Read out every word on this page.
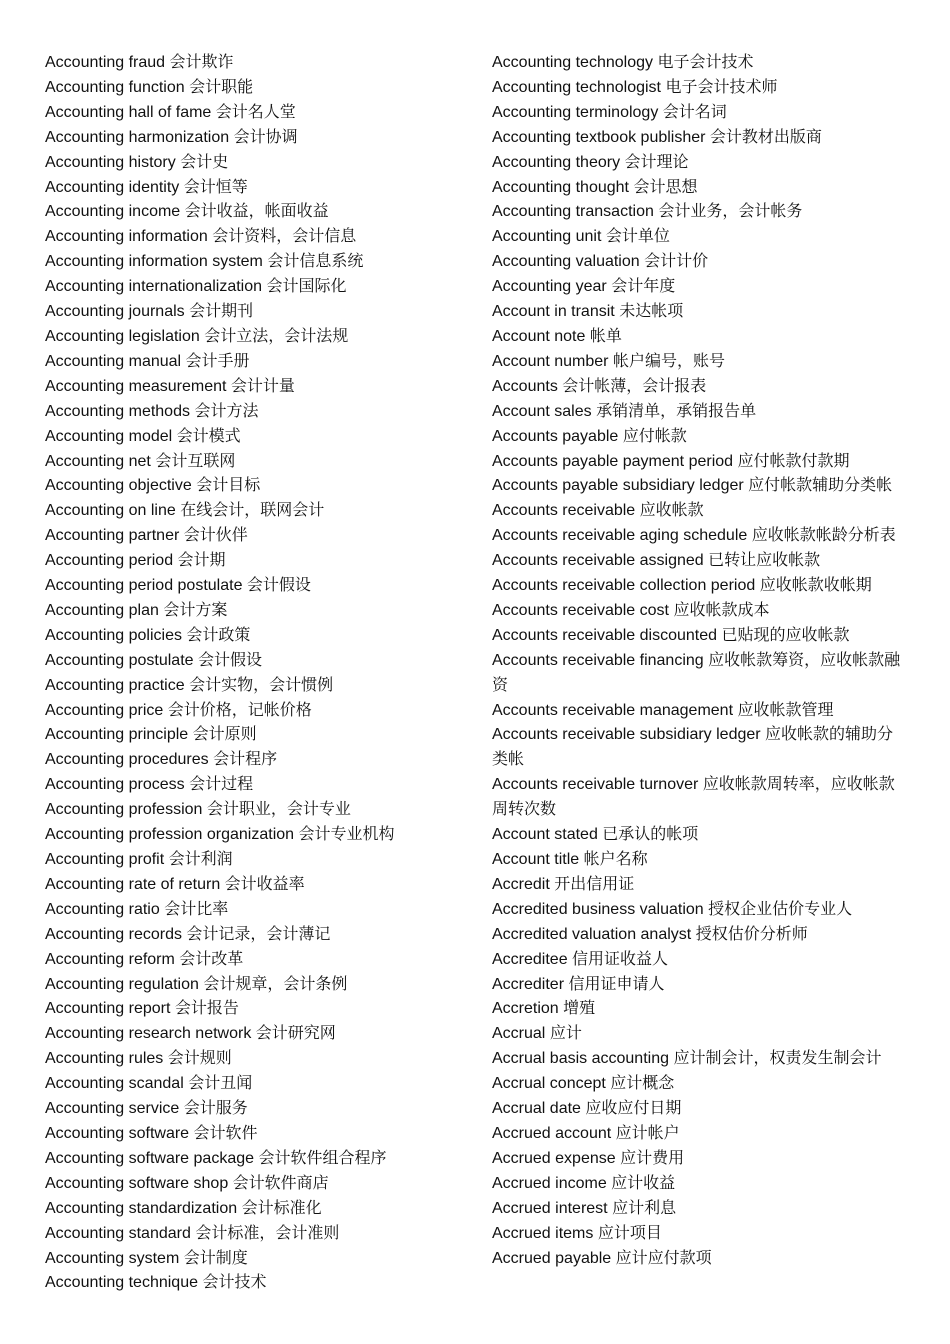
Accounting fraud 会计欺诈
Accounting function 会计职能
Accounting hall of fame 会计名人堂
Accounting harmonization 会计协调
Accounting history 会计史
Accounting identity 会计恒等
Accounting income 会计收益，帐面收益
Accounting information 会计资料，会计信息
Accounting information system 会计信息系统
Accounting internationalization 会计国际化
Accounting journals 会计期刊
Accounting legislation 会计立法，会计法规
Accounting manual 会计手册
Accounting measurement 会计计量
Accounting methods 会计方法
Accounting model 会计模式
Accounting net 会计互联网
Accounting objective 会计目标
Accounting on line 在线会计，联网会计
Accounting partner 会计伙伴
Accounting period 会计期
Accounting period postulate 会计假设
Accounting plan 会计方案
Accounting policies 会计政策
Accounting postulate 会计假设
Accounting practice 会计实物，会计惯例
Accounting price 会计价格，记帐价格
Accounting principle 会计原则
Accounting procedures 会计程序
Accounting process 会计过程
Accounting profession 会计职业，会计专业
Accounting profession organization 会计专业机构
Accounting profit 会计利润
Accounting rate of return 会计收益率
Accounting ratio 会计比率
Accounting records 会计记录，会计薄记
Accounting reform 会计改革
Accounting regulation 会计规章，会计条例
Accounting report 会计报告
Accounting research network 会计研究网
Accounting rules 会计规则
Accounting scandal 会计丑闻
Accounting service 会计服务
Accounting software 会计软件
Accounting software package 会计软件组合程序
Accounting software shop 会计软件商店
Accounting standardization 会计标准化
Accounting standard 会计标准，会计准则
Accounting system 会计制度
Accounting technique 会计技术
Accounting technology 电子会计技术
Accounting technologist 电子会计技术师
Accounting terminology 会计名词
Accounting textbook publisher 会计教材出版商
Accounting theory 会计理论
Accounting thought 会计思想
Accounting transaction 会计业务，会计帐务
Accounting unit 会计单位
Accounting valuation 会计计价
Accounting year 会计年度
Account in transit 未达帐项
Account note 帐单
Account number 帐户编号，账号
Accounts 会计帐薄，会计报表
Account sales 承销清单，承销报告单
Accounts payable 应付帐款
Accounts payable payment period 应付帐款付款期
Accounts payable subsidiary ledger 应付帐款辅助分类帐
Accounts receivable 应收帐款
Accounts receivable aging schedule 应收帐款帐龄分析表
Accounts receivable assigned 已转让应收帐款
Accounts receivable collection period 应收帐款收帐期
Accounts receivable cost 应收帐款成本
Accounts receivable discounted 已贴现的应收帐款
Accounts receivable financing 应收帐款筹资，应收帐款融资
Accounts receivable management 应收帐款管理
Accounts receivable subsidiary ledger 应收帐款的辅助分类帐
Accounts receivable turnover 应收帐款周转率，应收帐款周转次数
Account stated 已承认的帐项
Account title 帐户名称
Accredit 开出信用证
Accredited business valuation 授权企业估价专业人
Accredited valuation analyst 授权估价分析师
Accreditee 信用证收益人
Accrediter 信用证申请人
Accretion 增殖
Accrual 应计
Accrual basis accounting 应计制会计，权责发生制会计
Accrual concept 应计概念
Accrual date 应收应付日期
Accrued account 应计帐户
Accrued expense 应计费用
Accrued income 应计收益
Accrued interest 应计利息
Accrued items 应计项目
Accrued payable 应计应付款项
